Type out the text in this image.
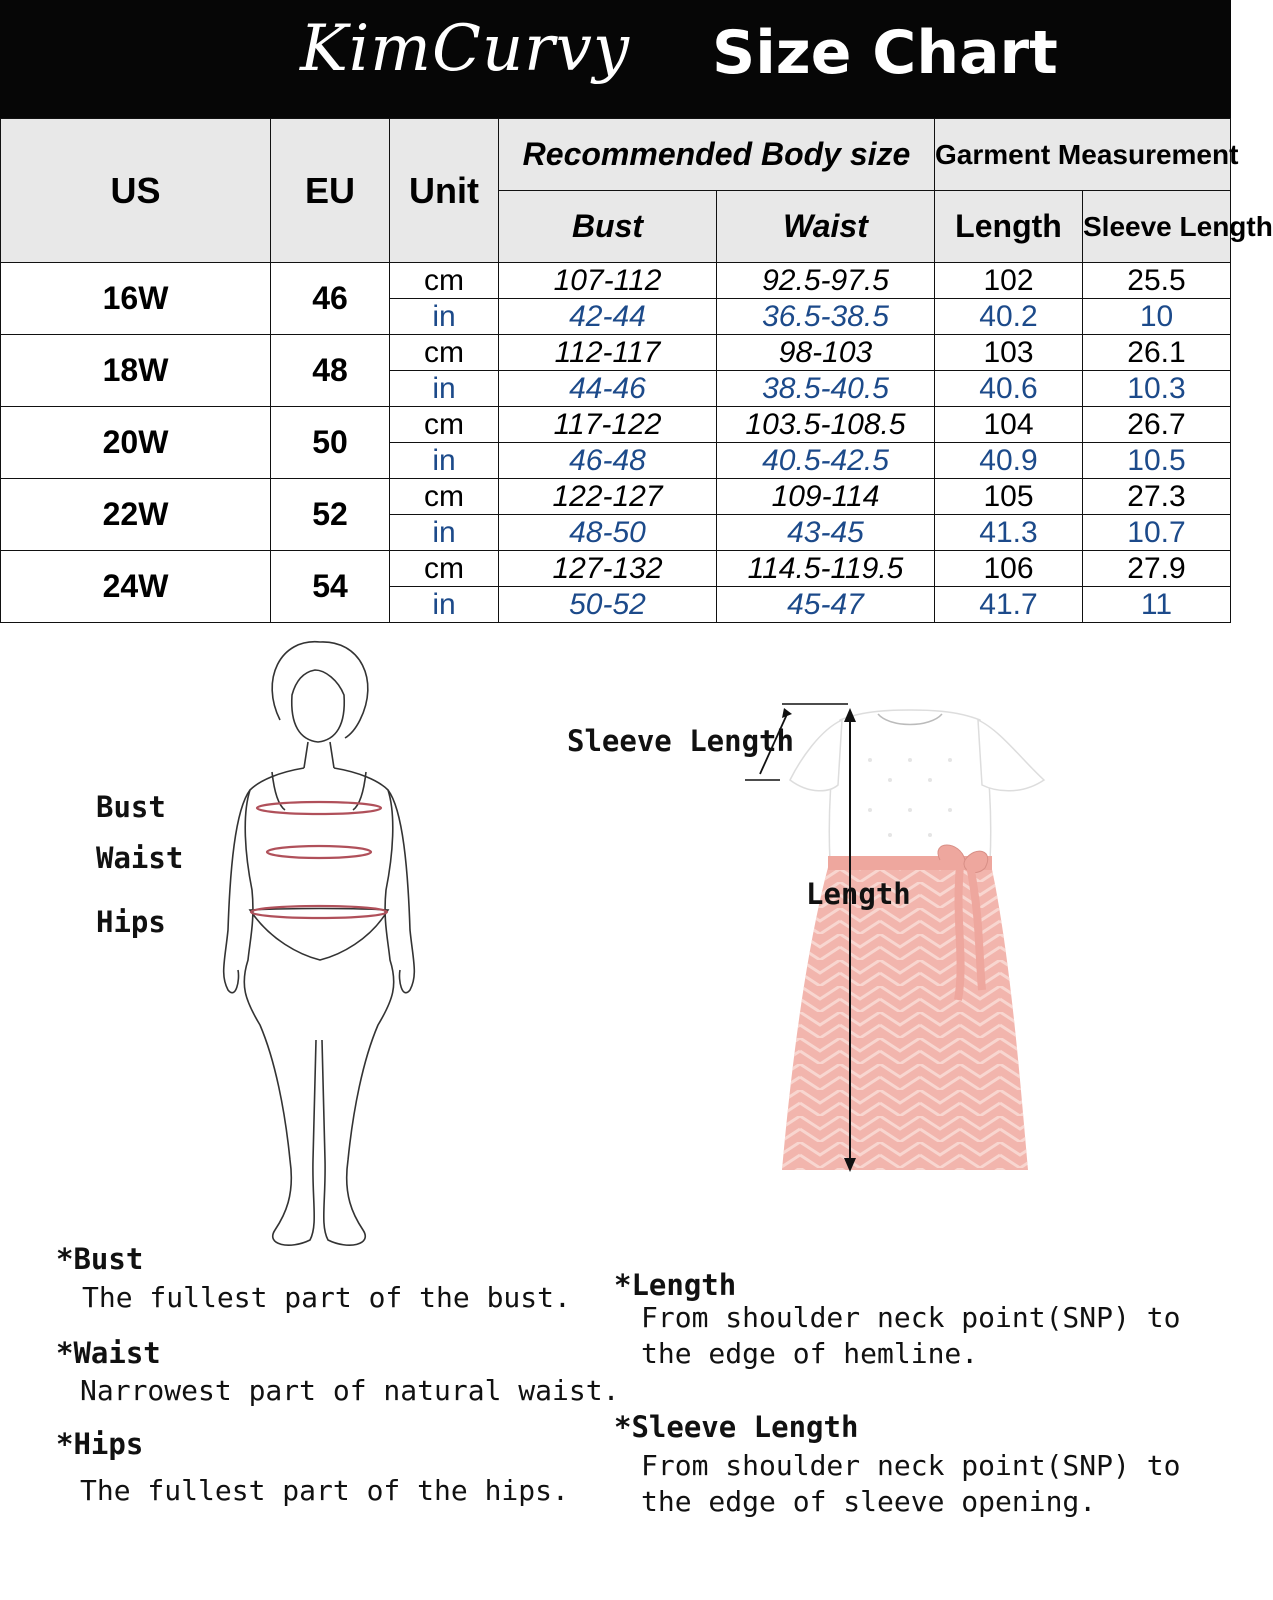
KimCurvy Size Chart
US	EU	Unit	Recommended Body size		Garment Measurement	
			Bust	Waist	Length	Sleeve Length
16W	46	cm	107-112	92.5-97.5	102	25.5
		in	42-44	36.5-38.5	40.2	10
18W	48	cm	112-117	98-103	103	26.1
		in	44-46	38.5-40.5	40.6	10.3
20W	50	cm	117-122	103.5-108.5	104	26.7
		in	46-48	40.5-42.5	40.9	10.5
22W	52	cm	122-127	109-114	105	27.3
		in	48-50	43-45	41.3	10.7
24W	54	cm	127-132	114.5-119.5	106	27.9
		in	50-52	45-47	41.7	11
Bust
Waist
Hips
Sleeve Length
Length
*Bust
The fullest part of the bust.
*Waist
Narrowest part of natural waist.
*Hips
The fullest part of the hips.
*Length
From shoulder neck point(SNP) to
the edge of hemline.
*Sleeve Length
From shoulder neck point(SNP) to
the edge of sleeve opening.
